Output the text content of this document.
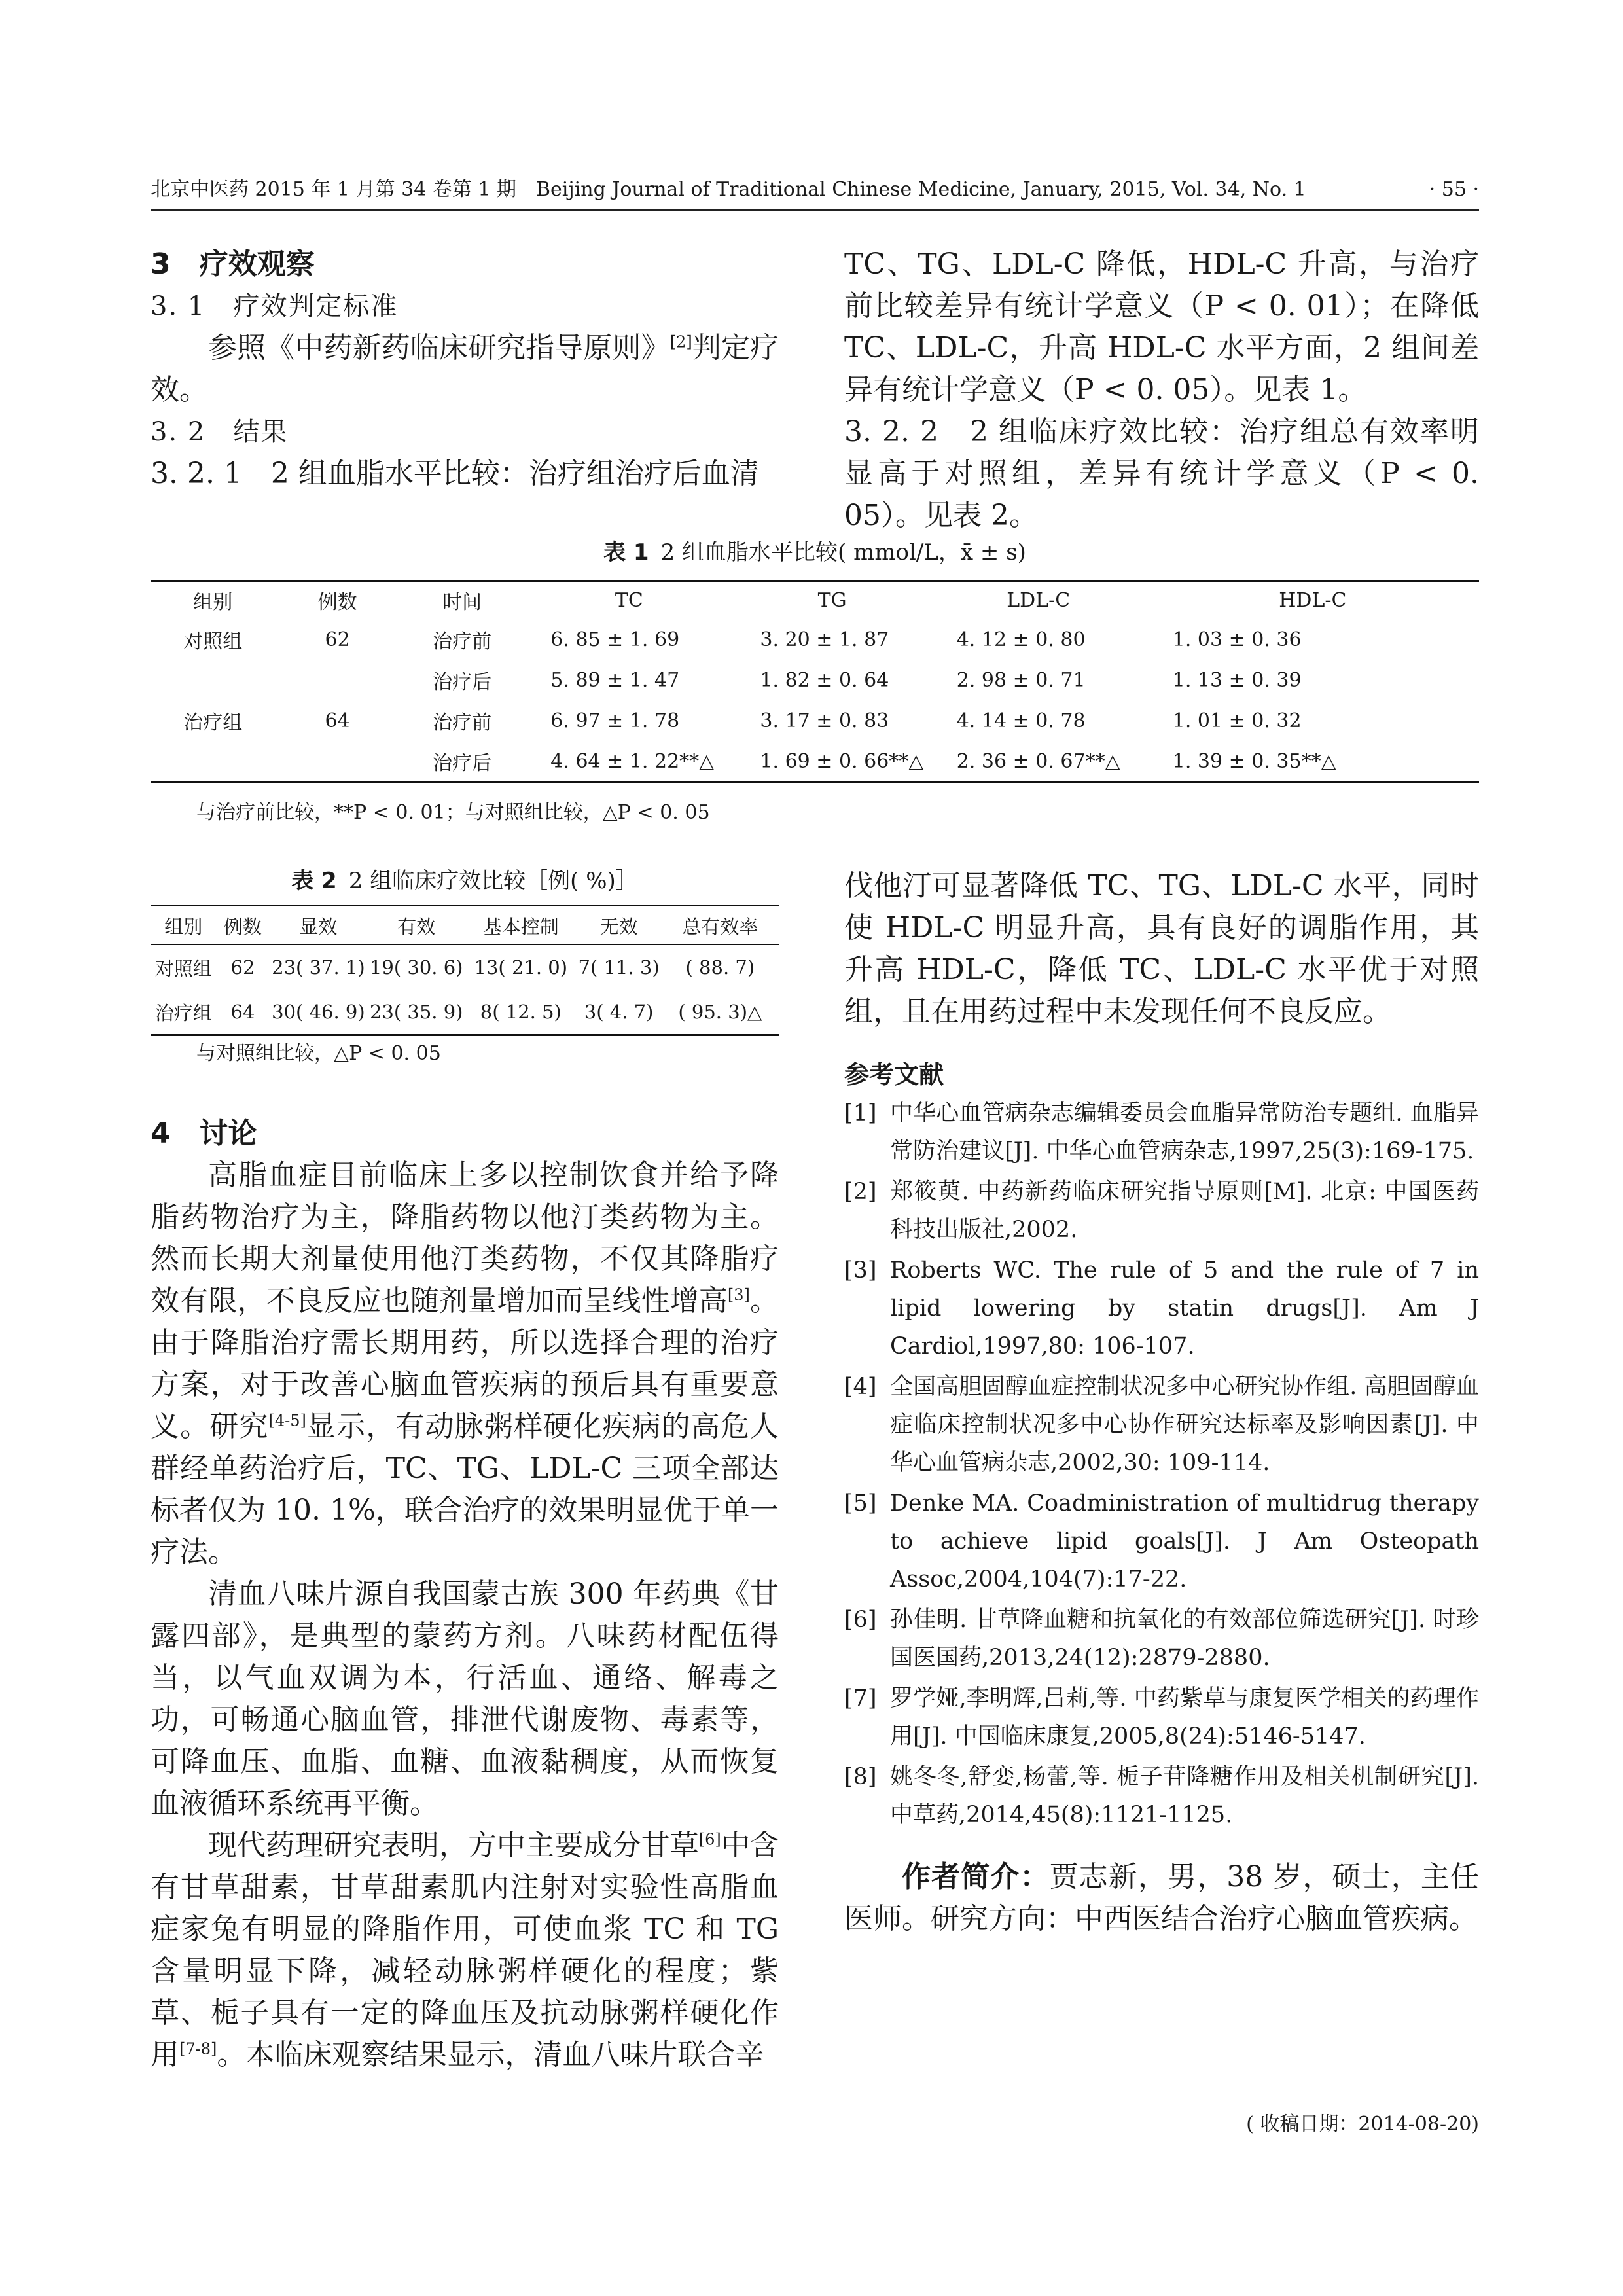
北京中医药 2015 年 1 月第 34 卷第 1 期　Beijing Journal of Traditional Chinese Medicine, January, 2015, Vol. 34, No. 1	· 55 ·

3　疗效观察

3. 1　疗效判定标准

参照《中药新药临床研究指导原则》[2]判定疗效。

3. 2　结果

3. 2. 1　2 组血脂水平比较：治疗组治疗后血清

TC、TG、LDL-C 降低，HDL-C 升高，与治疗前比较差异有统计学意义（P < 0. 01）；在降低 TC、LDL-C，升高 HDL-C 水平方面，2 组间差异有统计学意义（P < 0. 05）。见表 1。

3. 2. 2　2 组临床疗效比较：治疗组总有效率明显高于对照组，差异有统计学意义（P < 0. 05）。见表 2。

表 1 2 组血脂水平比较( mmol/L，x̄ ± s)
组别	例数	时间	TC	TG	LDL-C	HDL-C
对照组	62	治疗前	6. 85 ± 1. 69	3. 20 ± 1. 87	4. 12 ± 0. 80	1. 03 ± 0. 36
		治疗后	5. 89 ± 1. 47	1. 82 ± 0. 64	2. 98 ± 0. 71	1. 13 ± 0. 39
治疗组	64	治疗前	6. 97 ± 1. 78	3. 17 ± 0. 83	4. 14 ± 0. 78	1. 01 ± 0. 32
		治疗后	4. 64 ± 1. 22**△	1. 69 ± 0. 66**△	2. 36 ± 0. 67**△	1. 39 ± 0. 35**△
与治疗前比较，**P < 0. 01；与对照组比较，△P < 0. 05
表 2 2 组临床疗效比较［例( %)］
组别	例数	显效	有效	基本控制	无效	总有效率
对照组	62	23( 37. 1)	19( 30. 6)	13( 21. 0)	7( 11. 3)	( 88. 7)
治疗组	64	30( 46. 9)	23( 35. 9)	8( 12. 5)	3( 4. 7)	( 95. 3)△
与对照组比较，△P < 0. 05

4　讨论

高脂血症目前临床上多以控制饮食并给予降脂药物治疗为主，降脂药物以他汀类药物为主。然而长期大剂量使用他汀类药物，不仅其降脂疗效有限，不良反应也随剂量增加而呈线性增高[3]。由于降脂治疗需长期用药，所以选择合理的治疗方案，对于改善心脑血管疾病的预后具有重要意义。研究[4-5]显示，有动脉粥样硬化疾病的高危人群经单药治疗后，TC、TG、LDL-C 三项全部达标者仅为 10. 1%，联合治疗的效果明显优于单一疗法。

清血八味片源自我国蒙古族 300 年药典《甘露四部》，是典型的蒙药方剂。八味药材配伍得当，以气血双调为本，行活血、通络、解毒之功，可畅通心脑血管，排泄代谢废物、毒素等，可降血压、血脂、血糖、血液黏稠度，从而恢复血液循环系统再平衡。

现代药理研究表明，方中主要成分甘草[6]中含有甘草甜素，甘草甜素肌内注射对实验性高脂血症家兔有明显的降脂作用，可使血浆 TC 和 TG 含量明显下降，减轻动脉粥样硬化的程度；紫草、栀子具有一定的降血压及抗动脉粥样硬化作用[7-8]。本临床观察结果显示，清血八味片联合辛

伐他汀可显著降低 TC、TG、LDL-C 水平，同时使 HDL-C 明显升高，具有良好的调脂作用，其升高 HDL-C，降低 TC、LDL-C 水平优于对照组，且在用药过程中未发现任何不良反应。

参考文献
[1] 中华心血管病杂志编辑委员会血脂异常防治专题组. 血脂异常防治建议[J]. 中华心血管病杂志,1997,25(3):169-175.
[2] 郑筱萸. 中药新药临床研究指导原则[M]. 北京: 中国医药科技出版社,2002.
[3] Roberts WC. The rule of 5 and the rule of 7 in lipid lowering by statin drugs[J]. Am J Cardiol,1997,80: 106-107.
[4] 全国高胆固醇血症控制状况多中心研究协作组. 高胆固醇血症临床控制状况多中心协作研究达标率及影响因素[J]. 中华心血管病杂志,2002,30: 109-114.
[5] Denke MA. Coadministration of multidrug therapy to achieve lipid goals[J]. J Am Osteopath Assoc,2004,104(7):17-22.
[6] 孙佳明. 甘草降血糖和抗氧化的有效部位筛选研究[J]. 时珍国医国药,2013,24(12):2879-2880.
[7] 罗学娅,李明辉,吕莉,等. 中药紫草与康复医学相关的药理作用[J]. 中国临床康复,2005,8(24):5146-5147.
[8] 姚冬冬,舒娈,杨蕾,等. 栀子苷降糖作用及相关机制研究[J]. 中草药,2014,45(8):1121-1125.

作者简介：贾志新，男，38 岁，硕士，主任医师。研究方向：中西医结合治疗心脑血管疾病。

( 收稿日期：2014-08-20)
